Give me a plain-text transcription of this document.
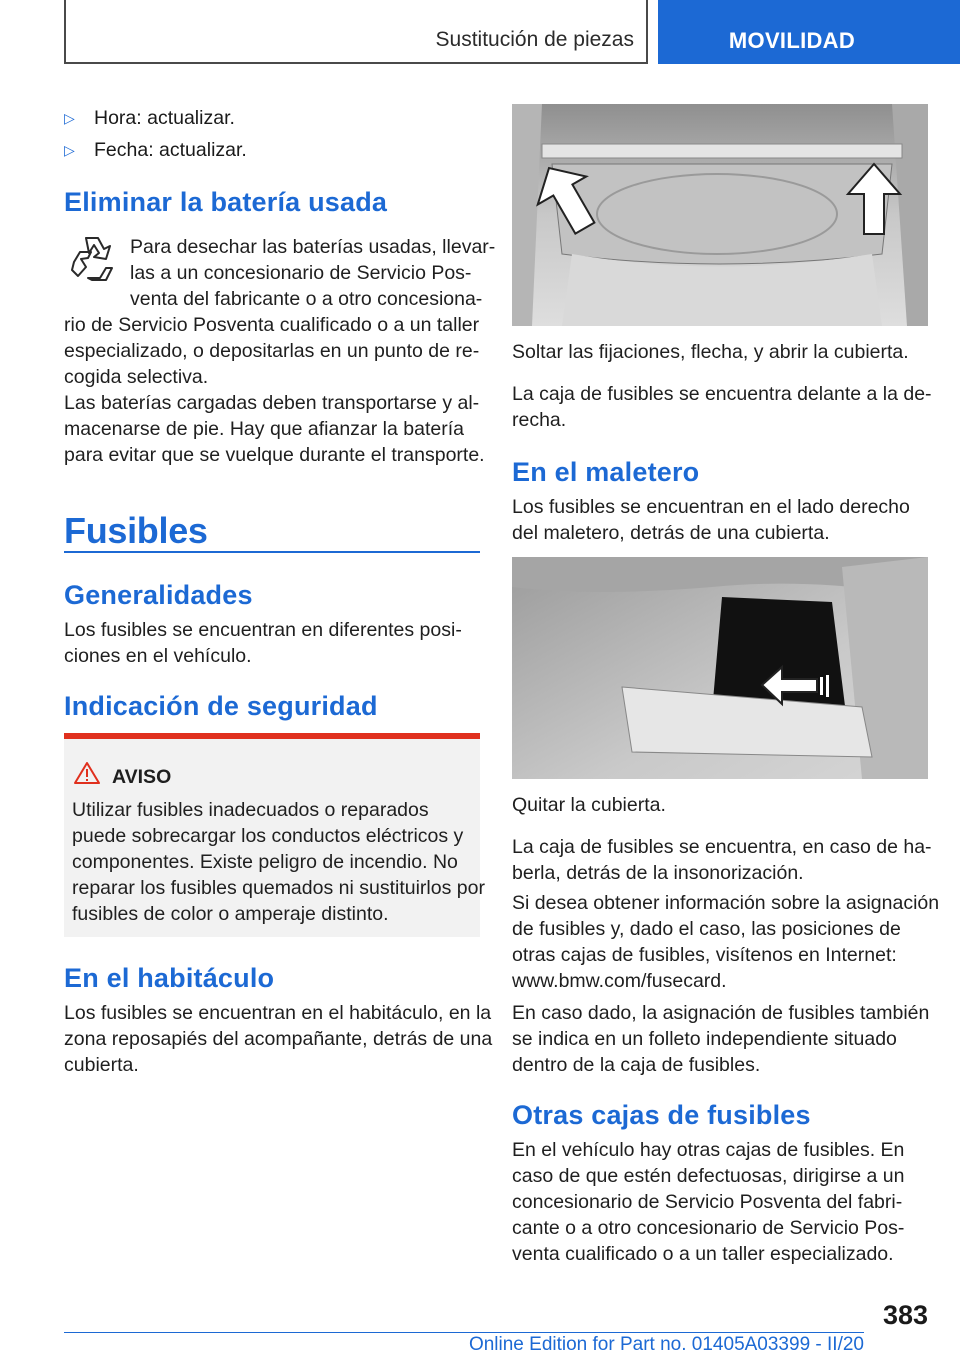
Sustitución de piezas	MOVILIDAD
▷ Hora: actualizar.
▷ Fecha: actualizar.
Eliminar la batería usada
Para desechar las baterías usadas, llevar-
las a un concesionario de Servicio Pos-
venta del fabricante o a otro concesiona-
rio de Servicio Posventa cualificado o a un taller
especializado, o depositarlas en un punto de re-
cogida selectiva.
Las baterías cargadas deben transportarse y al-
macenarse de pie. Hay que afianzar la batería
para evitar que se vuelque durante el transporte.
Fusibles
Generalidades
Los fusibles se encuentran en diferentes posi-
ciones en el vehículo.
Indicación de seguridad
AVISO
Utilizar fusibles inadecuados o reparados
puede sobrecargar los conductos eléctricos y
componentes. Existe peligro de incendio. No
reparar los fusibles quemados ni sustituirlos por
fusibles de color o amperaje distinto.
En el habitáculo
Los fusibles se encuentran en el habitáculo, en la
zona reposapiés del acompañante, detrás de una
cubierta.
Soltar las fijaciones, flecha, y abrir la cubierta.
La caja de fusibles se encuentra delante a la de-
recha.
En el maletero
Los fusibles se encuentran en el lado derecho
del maletero, detrás de una cubierta.
Quitar la cubierta.
La caja de fusibles se encuentra, en caso de ha-
berla, detrás de la insonorización.
Si desea obtener información sobre la asignación
de fusibles y, dado el caso, las posiciones de
otras cajas de fusibles, visítenos en Internet:
www.bmw.com/fusecard.
En caso dado, la asignación de fusibles también
se indica en un folleto independiente situado
dentro de la caja de fusibles.
Otras cajas de fusibles
En el vehículo hay otras cajas de fusibles. En
caso de que estén defectuosas, dirigirse a un
concesionario de Servicio Posventa del fabri-
cante o a otro concesionario de Servicio Pos-
venta cualificado o a un taller especializado.
383
Online Edition for Part no. 01405A03399 - II/20
